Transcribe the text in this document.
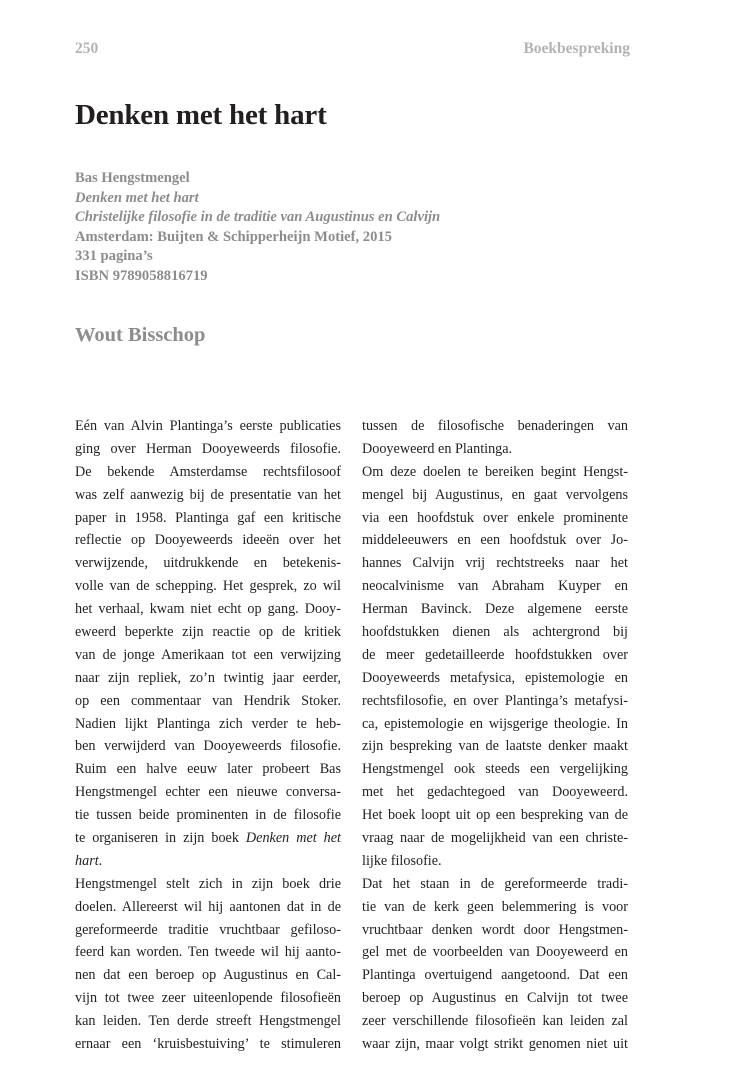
250	Boekbespreking
Denken met het hart
Bas Hengstmengel
Denken met het hart
Christelijke filosofie in de traditie van Augustinus en Calvijn
Amsterdam: Buijten & Schipperheijn Motief, 2015
331 pagina’s
ISBN 9789058816719
Wout Bisschop
Eén van Alvin Plantinga’s eerste publicaties
ging over Herman Dooyeweerds filosofie.
De bekende Amsterdamse rechtsfilosoof
was zelf aanwezig bij de presentatie van het
paper in 1958. Plantinga gaf een kritische
reflectie op Dooyeweerds ideeën over het
verwijzende, uitdrukkende en betekenis-
volle van de schepping. Het gesprek, zo wil
het verhaal, kwam niet echt op gang. Dooy-
eweerd beperkte zijn reactie op de kritiek
van de jonge Amerikaan tot een verwijzing
naar zijn repliek, zo’n twintig jaar eerder,
op een commentaar van Hendrik Stoker.
Nadien lijkt Plantinga zich verder te heb-
ben verwijderd van Dooyeweerds filosofie.
Ruim een halve eeuw later probeert Bas
Hengstmengel echter een nieuwe conversa-
tie tussen beide prominenten in de filosofie
te organiseren in zijn boek Denken met het
hart.
Hengstmengel stelt zich in zijn boek drie
doelen. Allereerst wil hij aantonen dat in de
gereformeerde traditie vruchtbaar gefiloso-
feerd kan worden. Ten tweede wil hij aanto-
nen dat een beroep op Augustinus en Cal-
vijn tot twee zeer uiteenlopende filosofieën
kan leiden. Ten derde streeft Hengstmengel
ernaar een ‘kruisbestuiving’ te stimuleren
tussen de filosofische benaderingen van
Dooyeweerd en Plantinga.
Om deze doelen te bereiken begint Hengst-
mengel bij Augustinus, en gaat vervolgens
via een hoofdstuk over enkele prominente
middeleeuwers en een hoofdstuk over Jo-
hannes Calvijn vrij rechtstreeks naar het
neocalvinisme van Abraham Kuyper en
Herman Bavinck. Deze algemene eerste
hoofdstukken dienen als achtergrond bij
de meer gedetailleerde hoofdstukken over
Dooyeweerds metafysica, epistemologie en
rechtsfilosofie, en over Plantinga’s metafysi-
ca, epistemologie en wijsgerige theologie. In
zijn bespreking van de laatste denker maakt
Hengstmengel ook steeds een vergelijking
met het gedachtegoed van Dooyeweerd.
Het boek loopt uit op een bespreking van de
vraag naar de mogelijkheid van een christe-
lijke filosofie.
Dat het staan in de gereformeerde tradi-
tie van de kerk geen belemmering is voor
vruchtbaar denken wordt door Hengstmen-
gel met de voorbeelden van Dooyeweerd en
Plantinga overtuigend aangetoond. Dat een
beroep op Augustinus en Calvijn tot twee
zeer verschillende filosofieën kan leiden zal
waar zijn, maar volgt strikt genomen niet uit
